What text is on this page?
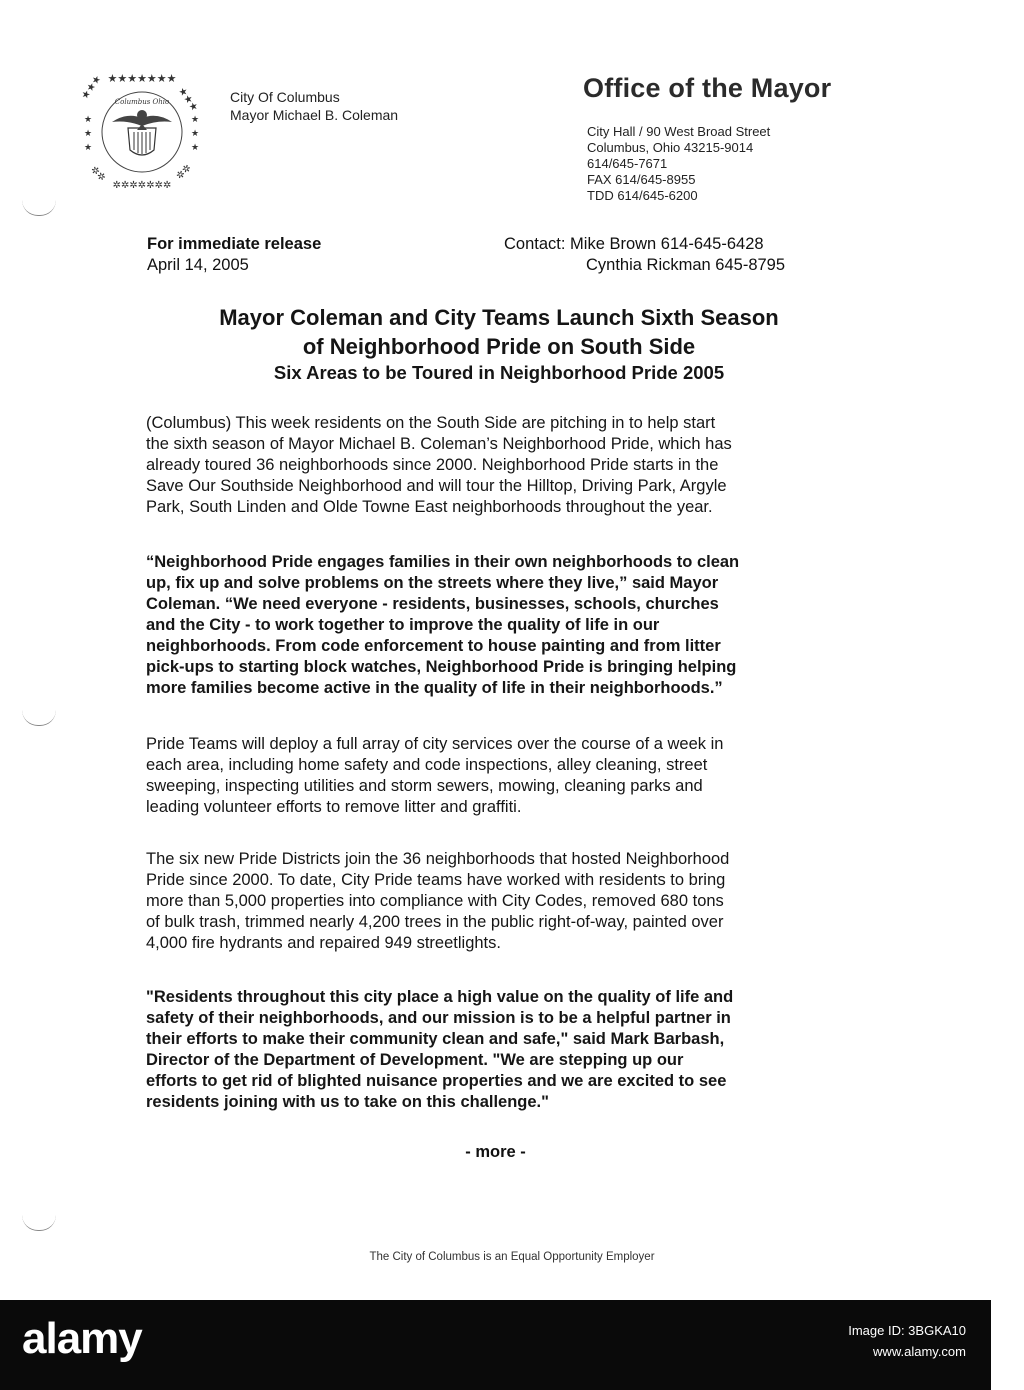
★★★★★★★
★★★	★★★
★
★
★
★
★
★
✲✲✲✲✲✲✲
✲✲	✲✲
Columbus Ohio	City Of Columbus
Mayor Michael B. Coleman
Office of the Mayor
City Hall / 90 West Broad Street
Columbus, Ohio 43215-9014
614/645-7671
FAX 614/645-8955
TDD 614/645-6200
For immediate release
April 14, 2005
Contact: Mike Brown 614-645-6428
Cynthia Rickman 645-8795
Mayor Coleman and City Teams Launch Sixth Season
of Neighborhood Pride on South Side
Six Areas to be Toured in Neighborhood Pride 2005
(Columbus) This week residents on the South Side are pitching in to help start
the sixth season of Mayor Michael B. Coleman’s Neighborhood Pride, which has
already toured 36 neighborhoods since 2000. Neighborhood Pride starts in the
Save Our Southside Neighborhood and will tour the Hilltop, Driving Park, Argyle
Park, South Linden and Olde Towne East neighborhoods throughout the year.
“Neighborhood Pride engages families in their own neighborhoods to clean
up, fix up and solve problems on the streets where they live,” said Mayor
Coleman. “We need everyone - residents, businesses, schools, churches
and the City - to work together to improve the quality of life in our
neighborhoods. From code enforcement to house painting and from litter
pick-ups to starting block watches, Neighborhood Pride is bringing helping
more families become active in the quality of life in their neighborhoods.”
Pride Teams will deploy a full array of city services over the course of a week in
each area, including home safety and code inspections, alley cleaning, street
sweeping, inspecting utilities and storm sewers, mowing, cleaning parks and
leading volunteer efforts to remove litter and graffiti.
The six new Pride Districts join the 36 neighborhoods that hosted Neighborhood
Pride since 2000. To date, City Pride teams have worked with residents to bring
more than 5,000 properties into compliance with City Codes, removed 680 tons
of bulk trash, trimmed nearly 4,200 trees in the public right-of-way, painted over
4,000 fire hydrants and repaired 949 streetlights.
"Residents throughout this city place a high value on the quality of life and
safety of their neighborhoods, and our mission is to be a helpful partner in
their efforts to make their community clean and safe," said Mark Barbash,
Director of the Department of Development. "We are stepping up our
efforts to get rid of blighted nuisance properties and we are excited to see
residents joining with us to take on this challenge."
- more -
The City of Columbus is an Equal Opportunity Employer
alamy	Image ID: 3BGKA10
www.alamy.com
